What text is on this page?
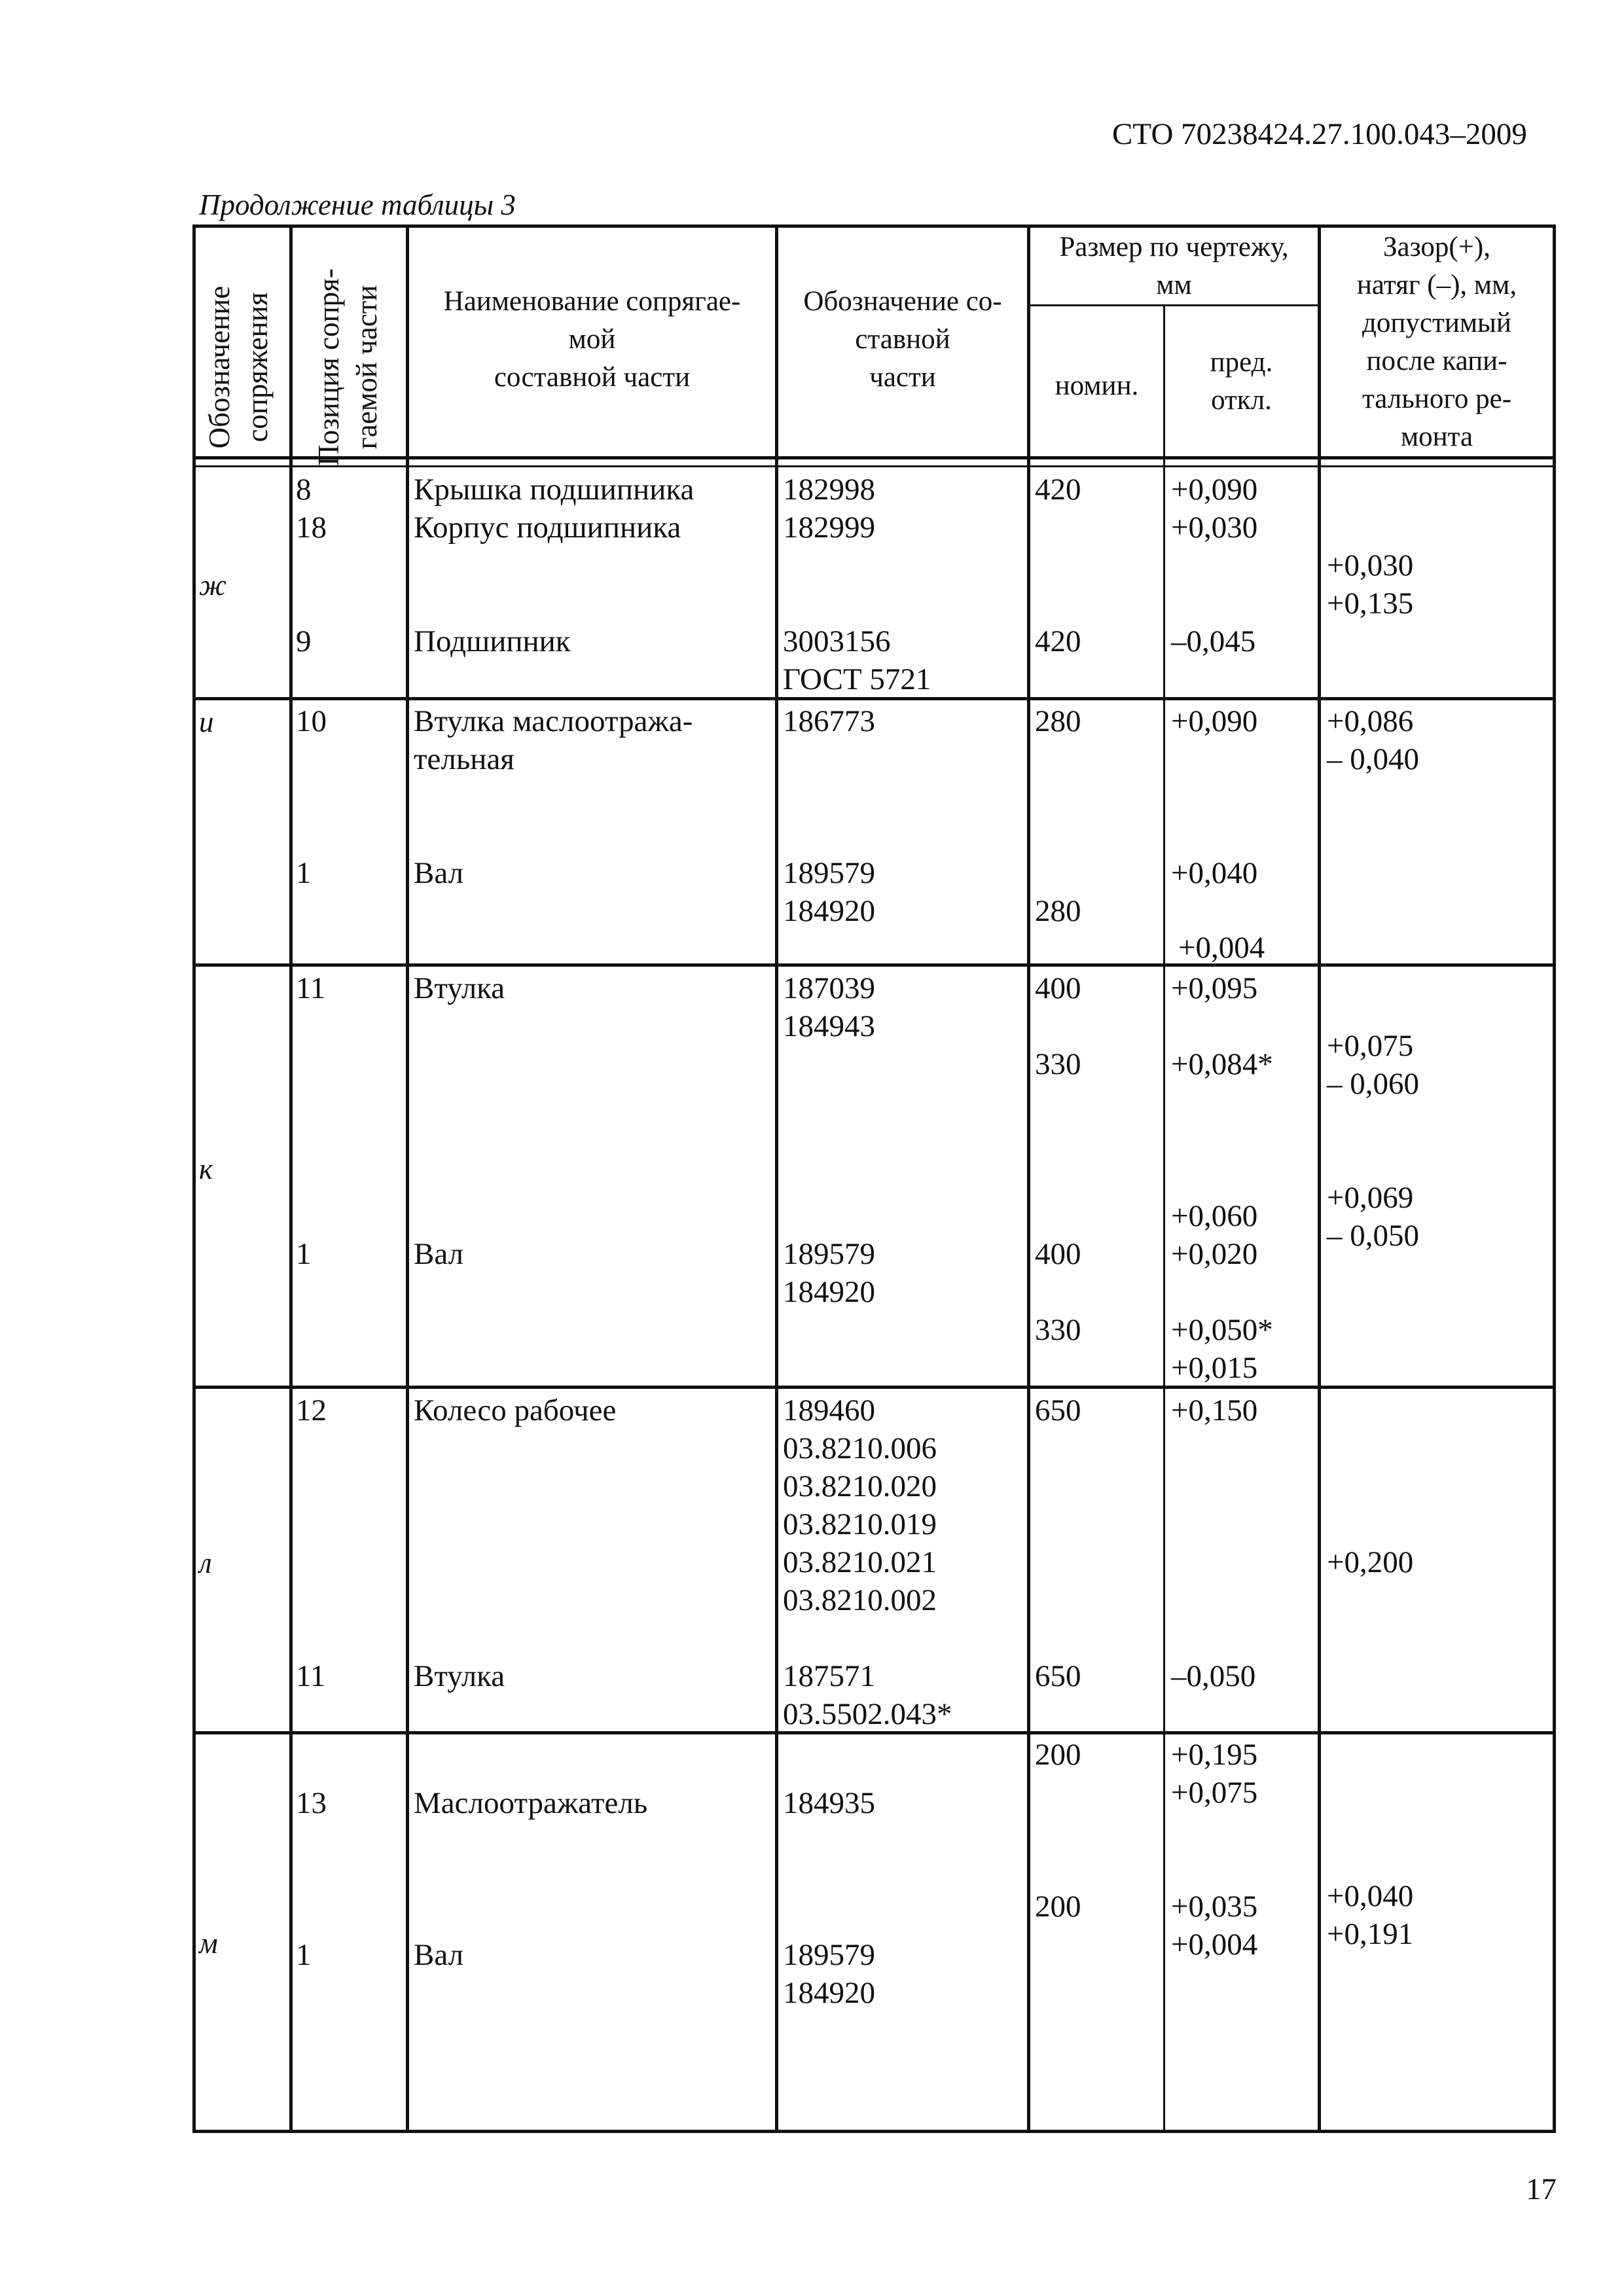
СТО 70238424.27.100.043–2009
Продолжение таблицы 3
Обозначение сопряжения Позиция сопря- гаемой части	Наименование сопрягае-
мой
составной части
Обозначение со-
ставной
части
Размер по чертежу,
мм
номин.
пред.
откл.
Зазор(+),
натяг (–), мм,
допустимый
после капи-
тального ре-
монта
ж
8
18
9
Крышка подшипника
Корпус подшипника
Подшипник
182998
182999
3003156
ГОСТ 5721
420
420
+0,090
+0,030
–0,045
+0,030
+0,135
и	10
1
Втулка маслоотража-
тельная
Вал
186773
189579
184920
280
280
+0,090
+0,040
+0,004
+0,086
– 0,040
к
11
1
Втулка
Вал
187039
184943
189579
184920
400
330
400
330
+0,095
+0,084*
+0,060
+0,020
+0,050*
+0,015
+0,075
– 0,060
+0,069
– 0,050
л
12
11
Колесо рабочее
Втулка
189460
03.8210.006
03.8210.020
03.8210.019
03.8210.021
03.8210.002
187571
03.5502.043*
650
650
+0,150
–0,050
+0,200
м
13
1
Маслоотражатель
Вал
184935
189579
184920
200
200
+0,195
+0,075
+0,035
+0,004
+0,040
+0,191
17
